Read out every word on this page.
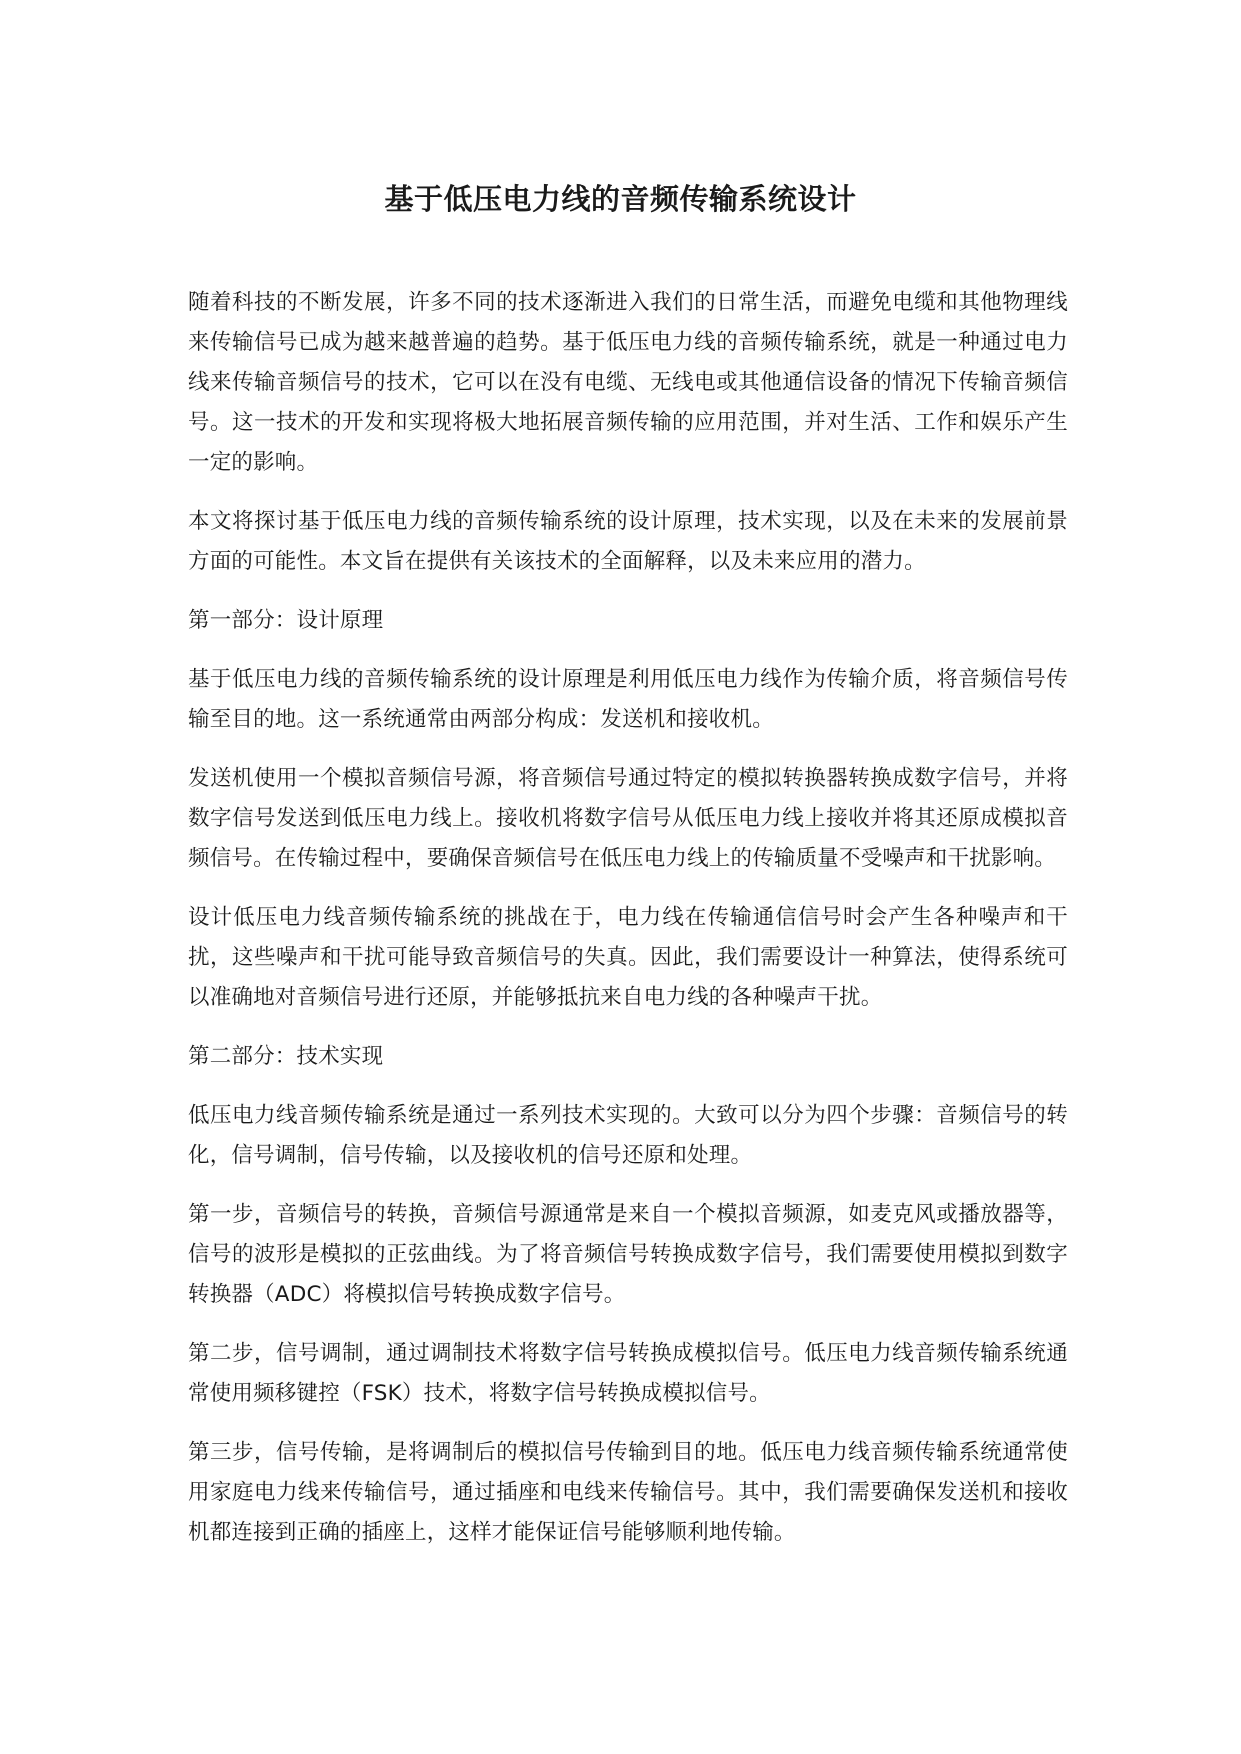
基于低压电力线的音频传输系统设计

随着科技的不断发展，许多不同的技术逐渐进入我们的日常生活，而避免电缆和其他物理线来传输信号已成为越来越普遍的趋势。基于低压电力线的音频传输系统，就是一种通过电力线来传输音频信号的技术，它可以在没有电缆、无线电或其他通信设备的情况下传输音频信号。这一技术的开发和实现将极大地拓展音频传输的应用范围，并对生活、工作和娱乐产生一定的影响。

本文将探讨基于低压电力线的音频传输系统的设计原理，技术实现，以及在未来的发展前景方面的可能性。本文旨在提供有关该技术的全面解释，以及未来应用的潜力。

第一部分：设计原理

基于低压电力线的音频传输系统的设计原理是利用低压电力线作为传输介质，将音频信号传输至目的地。这一系统通常由两部分构成：发送机和接收机。

发送机使用一个模拟音频信号源，将音频信号通过特定的模拟转换器转换成数字信号，并将数字信号发送到低压电力线上。接收机将数字信号从低压电力线上接收并将其还原成模拟音频信号。在传输过程中，要确保音频信号在低压电力线上的传输质量不受噪声和干扰影响。

设计低压电力线音频传输系统的挑战在于，电力线在传输通信信号时会产生各种噪声和干扰，这些噪声和干扰可能导致音频信号的失真。因此，我们需要设计一种算法，使得系统可以准确地对音频信号进行还原，并能够抵抗来自电力线的各种噪声干扰。

第二部分：技术实现

低压电力线音频传输系统是通过一系列技术实现的。大致可以分为四个步骤：音频信号的转化，信号调制，信号传输，以及接收机的信号还原和处理。

第一步，音频信号的转换，音频信号源通常是来自一个模拟音频源，如麦克风或播放器等，信号的波形是模拟的正弦曲线。为了将音频信号转换成数字信号，我们需要使用模拟到数字转换器（ADC）将模拟信号转换成数字信号。

第二步，信号调制，通过调制技术将数字信号转换成模拟信号。低压电力线音频传输系统通常使用频移键控（FSK）技术，将数字信号转换成模拟信号。

第三步，信号传输，是将调制后的模拟信号传输到目的地。低压电力线音频传输系统通常使用家庭电力线来传输信号，通过插座和电线来传输信号。其中，我们需要确保发送机和接收机都连接到正确的插座上，这样才能保证信号能够顺利地传输。
